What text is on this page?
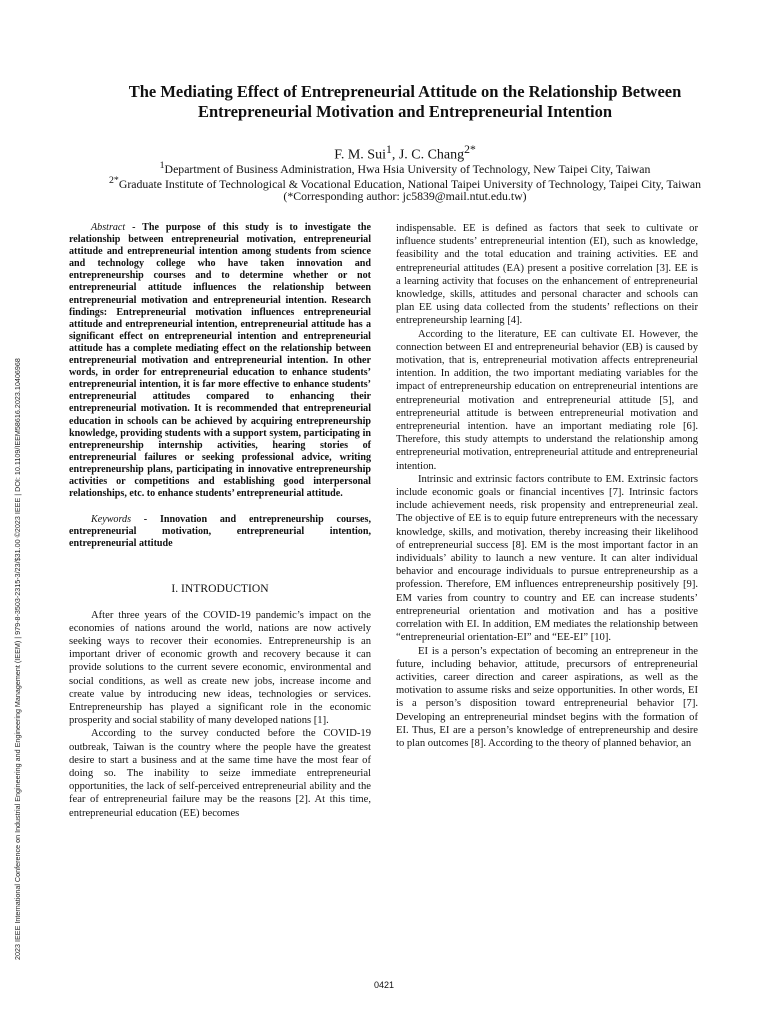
2023 IEEE International Conference on Industrial Engineering and Engineering Management (IEEM) | 979-8-3503-2315-3/23/$31.00 ©2023 IEEE | DOI: 10.1109/IEEM58616.2023.10406968
The Mediating Effect of Entrepreneurial Attitude on the Relationship Between Entrepreneurial Motivation and Entrepreneurial Intention
F. M. Sui$^1$, J. C. Chang$^{2*}$
$^1$Department of Business Administration, Hwa Hsia University of Technology, New Taipei City, Taiwan
$^{2*}$Graduate Institute of Technological & Vocational Education, National Taipei University of Technology, Taipei City, Taiwan
(*Corresponding author: jc5839@mail.ntut.edu.tw)

Abstract - The purpose of this study is to investigate the relationship between entrepreneurial motivation, entrepreneurial attitude and entrepreneurial intention among students from science and technology college who have taken innovation and entrepreneurship courses and to determine whether or not entrepreneurial attitude influences the relationship between entrepreneurial motivation and entrepreneurial intention. Research findings: Entrepreneurial motivation influences entrepreneurial attitude and entrepreneurial intention, entrepreneurial attitude has a significant effect on entrepreneurial intention and entrepreneurial attitude has a complete mediating effect on the relationship between entrepreneurial motivation and entrepreneurial intention. In other words, in order for entrepreneurial education to enhance students’ entrepreneurial intention, it is far more effective to enhance students’ entrepreneurial attitudes compared to enhancing their entrepreneurial motivation. It is recommended that entrepreneurial education in schools can be achieved by acquiring entrepreneurship knowledge, providing students with a support system, participating in entrepreneurship internship activities, hearing stories of entrepreneurial failures or seeking professional advice, writing entrepreneurship plans, participating in innovative entrepreneurship activities or competitions and establishing good interpersonal relationships, etc. to enhance students’ entrepreneurial attitude.

Keywords - Innovation and entrepreneurship courses, entrepreneurial motivation, entrepreneurial intention, entrepreneurial attitude

I. INTRODUCTION

After three years of the COVID-19 pandemic’s impact on the economies of nations around the world, nations are now actively seeking ways to recover their economies. Entrepreneurship is an important driver of economic growth and recovery because it can provide solutions to the current severe economic, environmental and social conditions, as well as create new jobs, increase income and create value by introducing new ideas, technologies or services. Entrepreneurship has played a significant role in the economic prosperity and social stability of many developed nations [1].

According to the survey conducted before the COVID-19 outbreak, Taiwan is the country where the people have the greatest desire to start a business and at the same time have the most fear of doing so. The inability to seize immediate entrepreneurial opportunities, the lack of self-perceived entrepreneurial ability and the fear of entrepreneurial failure may be the reasons [2]. At this time, entrepreneurial education (EE) becomes

indispensable. EE is defined as factors that seek to cultivate or influence students’ entrepreneurial intention (EI), such as knowledge, feasibility and the total education and training activities. EE and entrepreneurial attitudes (EA) present a positive correlation [3]. EE is a learning activity that focuses on the enhancement of entrepreneurial knowledge, skills, attitudes and personal character and schools can plan EE using data collected from the students’ reflections on their entrepreneurship learning [4].

According to the literature, EE can cultivate EI. However, the connection between EI and entrepreneurial behavior (EB) is caused by motivation, that is, entrepreneurial motivation affects entrepreneurial intention. In addition, the two important mediating variables for the impact of entrepreneurship education on entrepreneurial intentions are entrepreneurial motivation and entrepreneurial attitude [5], and entrepreneurial attitude is between entrepreneurial motivation and entrepreneurial intention. have an important mediating role [6]. Therefore, this study attempts to understand the relationship among entrepreneurial motivation, entrepreneurial attitude and entrepreneurial intention.

Intrinsic and extrinsic factors contribute to EM. Extrinsic factors include economic goals or financial incentives [7]. Intrinsic factors include achievement needs, risk propensity and entrepreneurial zeal. The objective of EE is to equip future entrepreneurs with the necessary knowledge, skills, and motivation, thereby increasing their likelihood of entrepreneurial success [8]. EM is the most important factor in an individuals’ ability to launch a new venture. It can alter individual behavior and encourage individuals to pursue entrepreneurship as a profession. Therefore, EM influences entrepreneurship positively [9]. EM varies from country to country and EE can increase students’ entrepreneurial orientation and motivation and has a positive correlation with EI. In addition, EM mediates the relationship between “entrepreneurial orientation-EI” and “EE-EI” [10].

EI is a person’s expectation of becoming an entrepreneur in the future, including behavior, attitude, precursors of entrepreneurial activities, career direction and career aspirations, as well as the motivation to assume risks and seize opportunities. In other words, EI is a person’s disposition toward entrepreneurial behavior [7]. Developing an entrepreneurial mindset begins with the formation of EI. Thus, EI are a person’s knowledge of entrepreneurship and desire to plan outcomes [8]. According to the theory of planned behavior, an

0421
